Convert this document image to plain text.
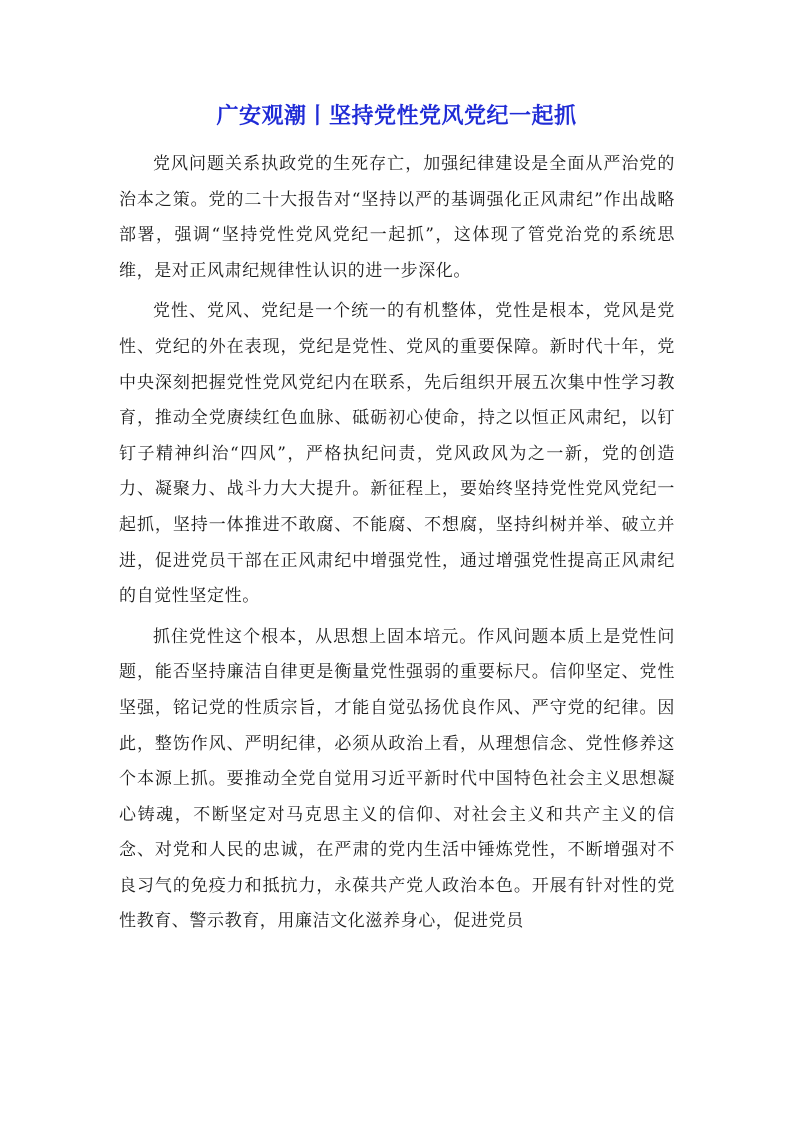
广安观潮丨坚持党性党风党纪一起抓

党风问题关系执政党的生死存亡，加强纪律建设是全面从严治党的治本之策。党的二十大报告对“坚持以严的基调强化正风肃纪”作出战略部署，强调“坚持党性党风党纪一起抓”，这体现了管党治党的系统思维，是对正风肃纪规律性认识的进一步深化。

党性、党风、党纪是一个统一的有机整体，党性是根本，党风是党性、党纪的外在表现，党纪是党性、党风的重要保障。新时代十年，党中央深刻把握党性党风党纪内在联系，先后组织开展五次集中性学习教育，推动全党赓续红色血脉、砥砺初心使命，持之以恒正风肃纪，以钉钉子精神纠治“四风”，严格执纪问责，党风政风为之一新，党的创造力、凝聚力、战斗力大大提升。新征程上，要始终坚持党性党风党纪一起抓，坚持一体推进不敢腐、不能腐、不想腐，坚持纠树并举、破立并进，促进党员干部在正风肃纪中增强党性，通过增强党性提高正风肃纪的自觉性坚定性。

抓住党性这个根本，从思想上固本培元。作风问题本质上是党性问题，能否坚持廉洁自律更是衡量党性强弱的重要标尺。信仰坚定、党性坚强，铭记党的性质宗旨，才能自觉弘扬优良作风、严守党的纪律。因此，整饬作风、严明纪律，必须从政治上看，从理想信念、党性修养这个本源上抓。要推动全党自觉用习近平新时代中国特色社会主义思想凝心铸魂，不断坚定对马克思主义的信仰、对社会主义和共产主义的信念、对党和人民的忠诚，在严肃的党内生活中锤炼党性，不断增强对不良习气的免疫力和抵抗力，永葆共产党人政治本色。开展有针对性的党性教育、警示教育，用廉洁文化滋养身心，促进党员
